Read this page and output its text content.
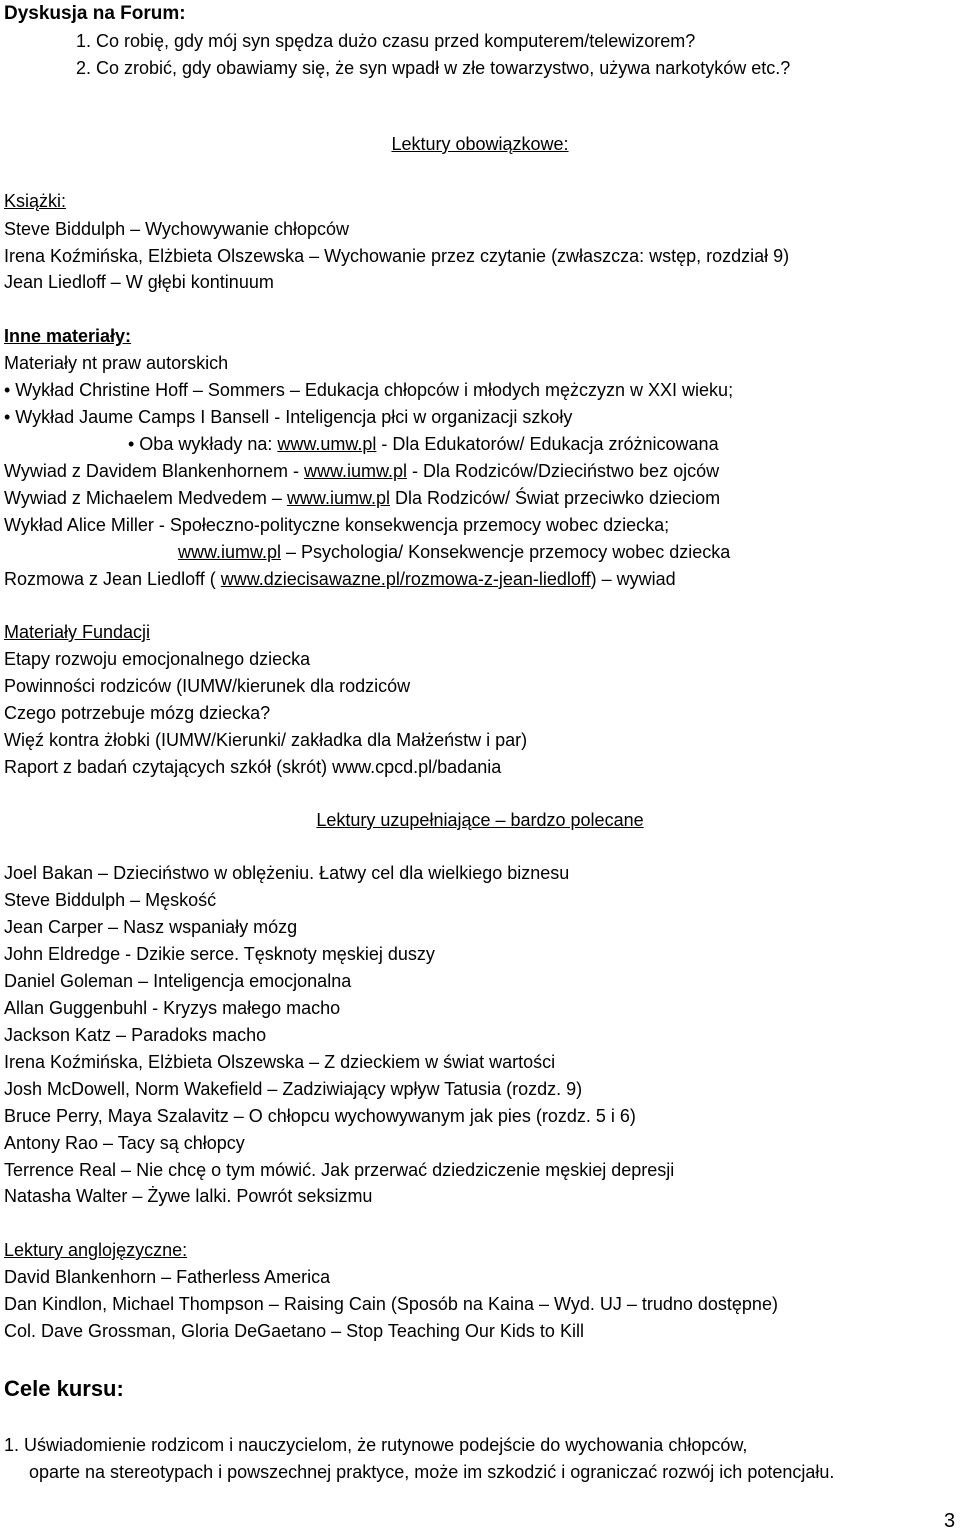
Dyskusja na Forum:
1. Co robię, gdy mój syn spędza dużo czasu przed komputerem/telewizorem?
2. Co zrobić, gdy obawiamy się, że syn wpadł w złe towarzystwo, używa narkotyków etc.?
Lektury obowiązkowe:
Książki:
Steve Biddulph – Wychowywanie chłopców
Irena Koźmińska, Elżbieta Olszewska – Wychowanie przez czytanie (zwłaszcza: wstęp, rozdział 9)
Jean Liedloff – W głębi kontinuum
Inne materiały:
Materiały nt praw autorskich
• Wykład Christine Hoff – Sommers – Edukacja chłopców i młodych mężczyzn w XXI wieku;
• Wykład Jaume Camps I Bansell - Inteligencja płci w organizacji szkoły
• Oba wykłady na: www.umw.pl - Dla Edukatorów/ Edukacja zróżnicowana
Wywiad z Davidem Blankenhornem - www.iumw.pl - Dla Rodziców/Dzieciństwo bez ojców
Wywiad z Michaelem Medvedem – www.iumw.pl Dla Rodziców/ Świat przeciwko dzieciom
Wykład Alice Miller - Społeczno-polityczne konsekwencja przemocy wobec dziecka;
www.iumw.pl – Psychologia/ Konsekwencje przemocy wobec dziecka
Rozmowa z Jean Liedloff ( www.dziecisawazne.pl/rozmowa-z-jean-liedloff) – wywiad
Materiały Fundacji
Etapy rozwoju emocjonalnego dziecka
Powinności rodziców (IUMW/kierunek dla rodziców
Czego potrzebuje mózg dziecka?
Więź kontra żłobki (IUMW/Kierunki/ zakładka dla Małżeństw i par)
Raport z badań czytających szkół (skrót) www.cpcd.pl/badania
Lektury uzupełniające – bardzo polecane
Joel Bakan – Dzieciństwo w oblężeniu. Łatwy cel dla wielkiego biznesu
Steve Biddulph – Męskość
Jean Carper – Nasz wspaniały mózg
John Eldredge - Dzikie serce. Tęsknoty męskiej duszy
Daniel Goleman – Inteligencja emocjonalna
Allan Guggenbuhl - Kryzys małego macho
Jackson Katz – Paradoks macho
Irena Koźmińska, Elżbieta Olszewska – Z dzieckiem w świat wartości
Josh McDowell, Norm Wakefield – Zadziwiający wpływ Tatusia (rozdz. 9)
Bruce Perry, Maya Szalavitz – O chłopcu wychowywanym jak pies (rozdz. 5 i 6)
Antony Rao – Tacy są chłopcy
Terrence Real – Nie chcę o tym mówić. Jak przerwać dziedziczenie męskiej depresji
Natasha Walter – Żywe lalki. Powrót seksizmu
Lektury anglojęzyczne:
David Blankenhorn – Fatherless America
Dan Kindlon, Michael Thompson – Raising Cain (Sposób na Kaina – Wyd. UJ – trudno dostępne)
Col. Dave Grossman, Gloria DeGaetano – Stop Teaching Our Kids to Kill
Cele kursu:
1. Uświadomienie rodzicom i nauczycielom, że rutynowe podejście do wychowania chłopców,
oparte na stereotypach i powszechnej praktyce, może im szkodzić i ograniczać rozwój ich potencjału.
3
